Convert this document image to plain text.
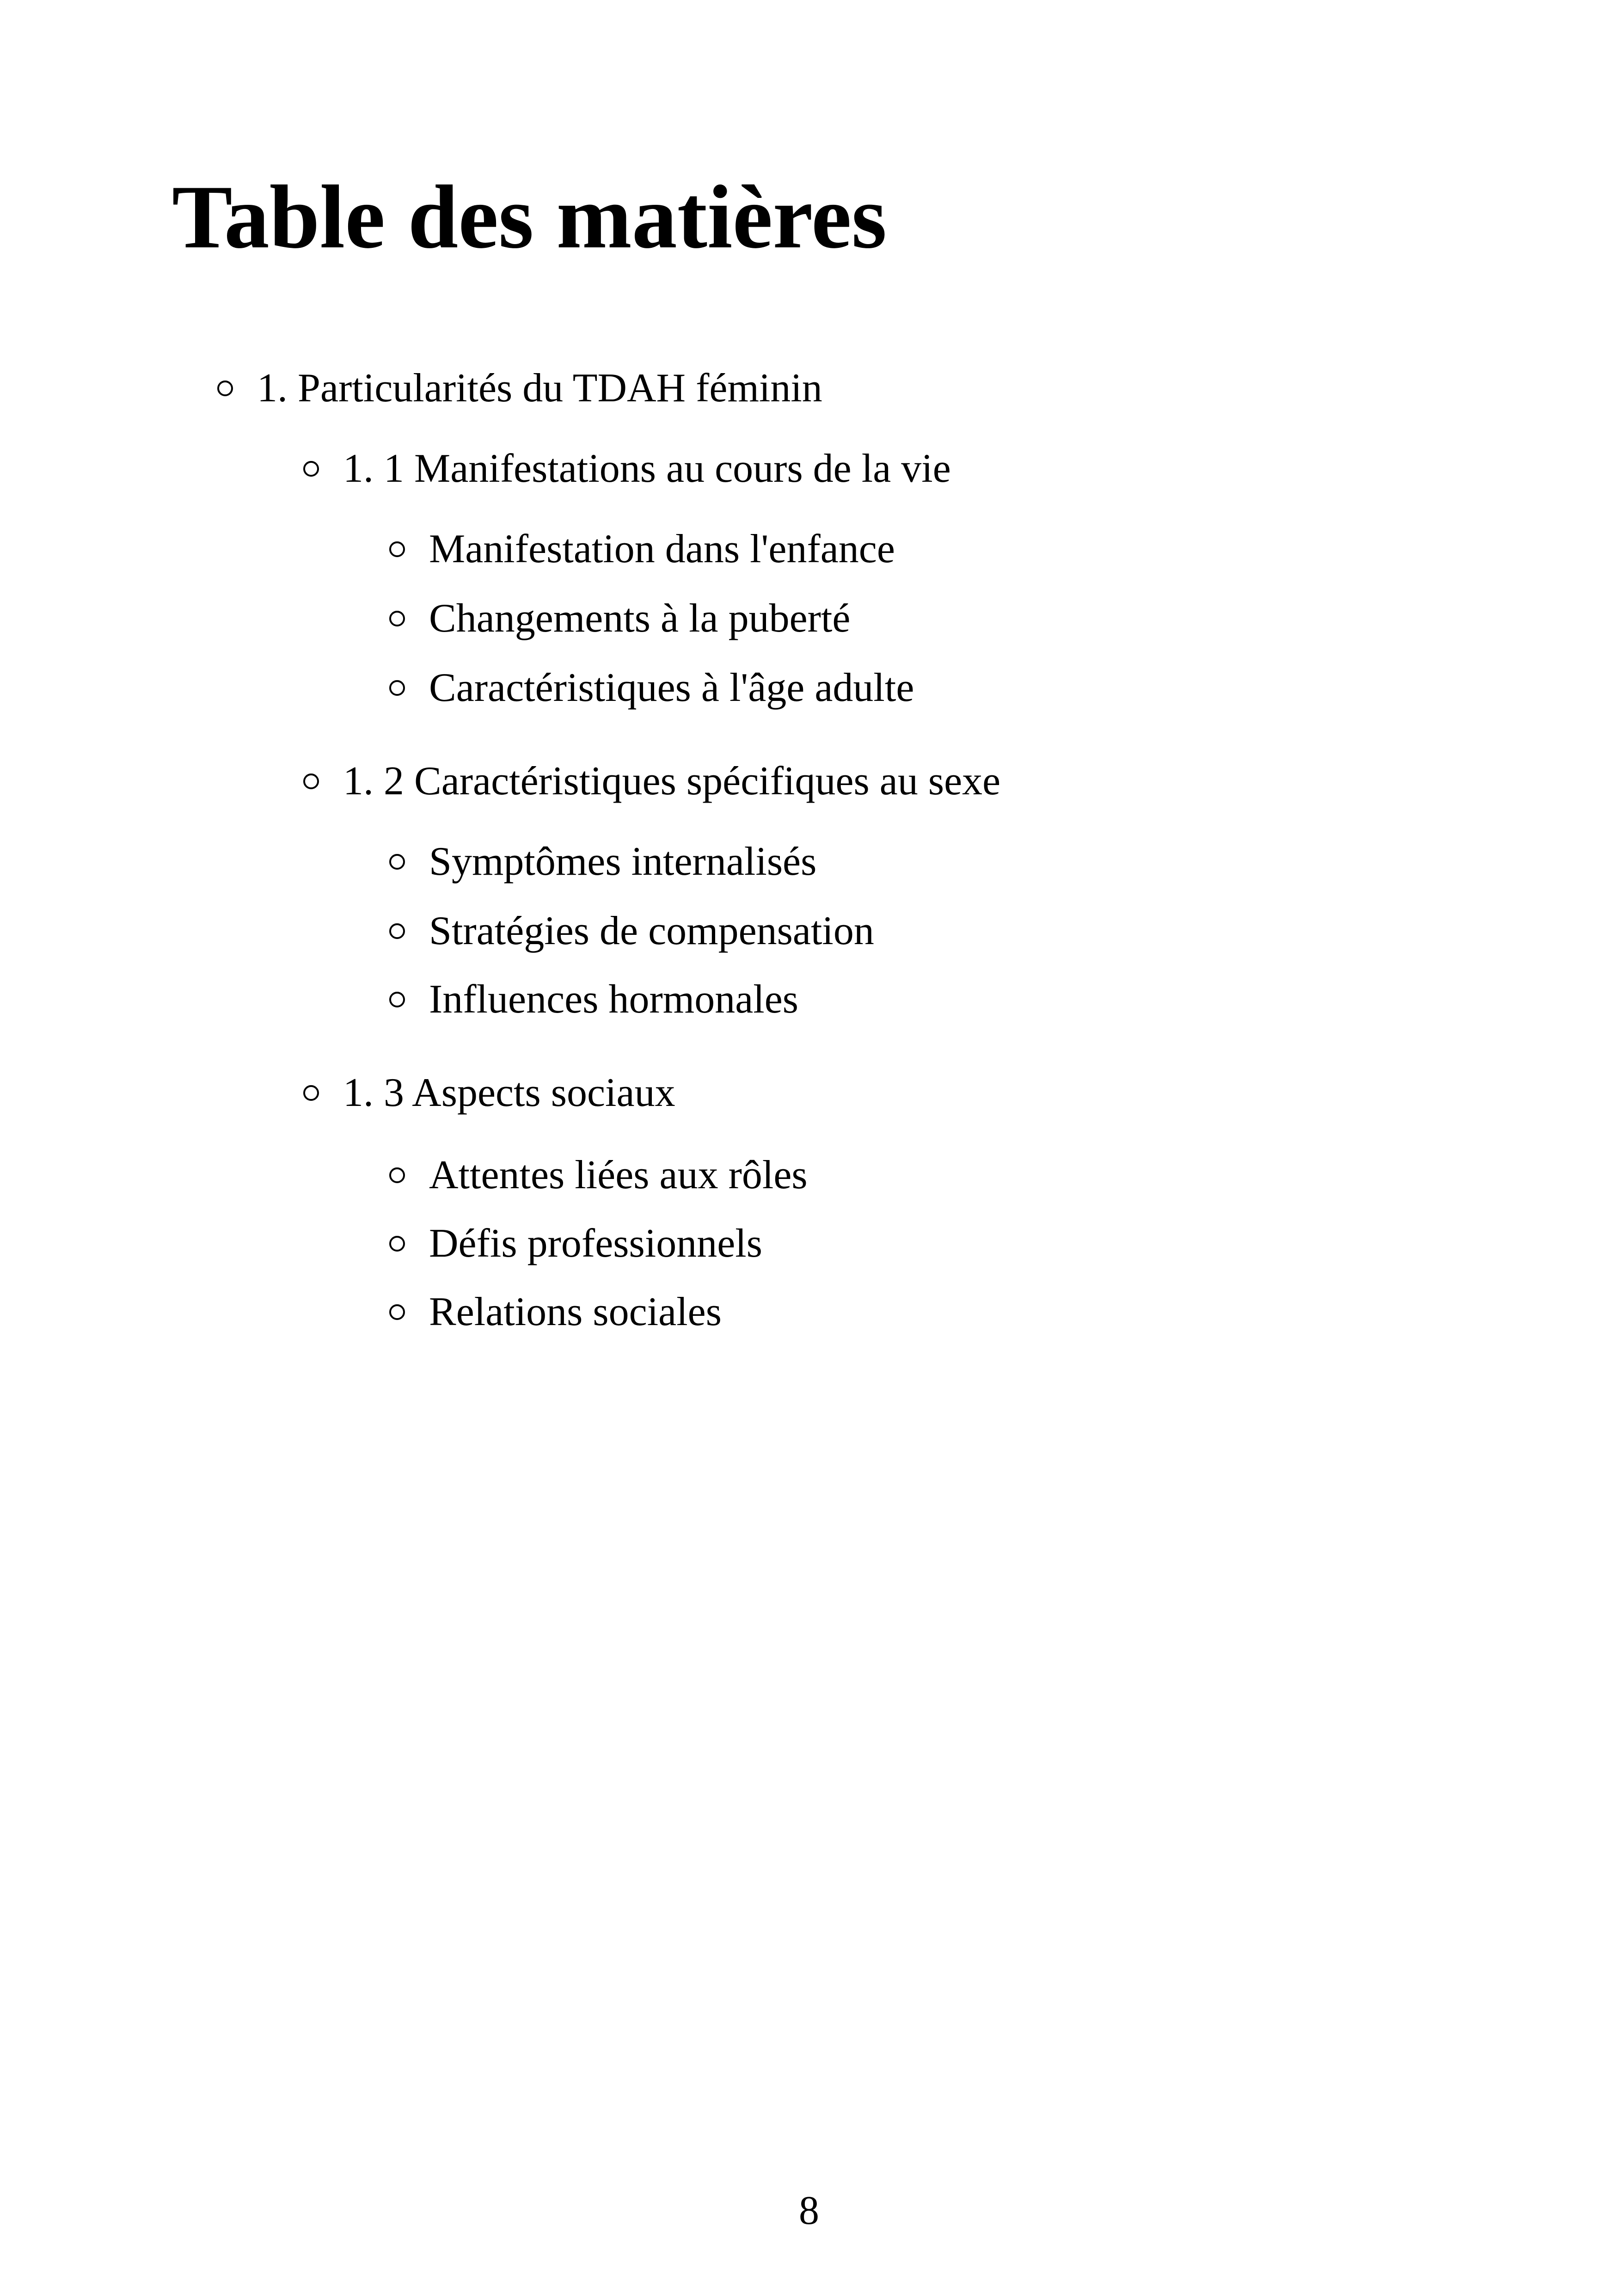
Table des matières
1. Particularités du TDAH féminin
1. 1 Manifestations au cours de la vie
Manifestation dans l'enfance
Changements à la puberté
Caractéristiques à l'âge adulte
1. 2 Caractéristiques spécifiques au sexe
Symptômes internalisés
Stratégies de compensation
Influences hormonales
1. 3 Aspects sociaux
Attentes liées aux rôles
Défis professionnels
Relations sociales
8
